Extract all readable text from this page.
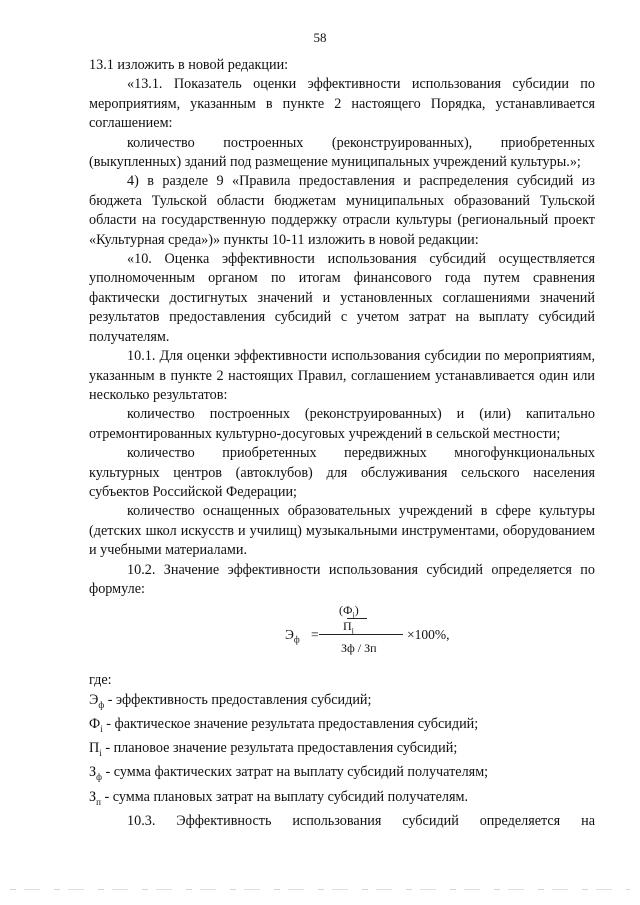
58

13.1 изложить в новой редакции:

«13.1. Показатель оценки эффективности использования субсидии по мероприятиям, указанным в пункте 2 настоящего Порядка, устанавливается соглашением:

количество построенных (реконструированных), приобретенных (выкупленных) зданий под размещение муниципальных учреждений культуры.»;

4) в разделе 9 «Правила предоставления и распределения субсидий из бюджета Тульской области бюджетам муниципальных образований Тульской области на государственную поддержку отрасли культуры (региональный проект «Культурная среда»)» пункты 10-11 изложить в новой редакции:

«10. Оценка эффективности использования субсидий осуществляется уполномоченным органом по итогам финансового года путем сравнения фактически достигнутых значений и установленных соглашениями значений результатов предоставления субсидий с учетом затрат на выплату субсидий получателям.

10.1. Для оценки эффективности использования субсидии по мероприятиям, указанным в пункте 2 настоящих Правил, соглашением устанавливается один или несколько результатов:

количество построенных (реконструированных) и (или) капитально отремонтированных культурно-досуговых учреждений в сельской местности;

количество приобретенных передвижных многофункциональных культурных центров (автоклубов) для обслуживания сельского населения субъектов Российской Федерации;

количество оснащенных образовательных учреждений в сфере культуры (детских школ искусств и училищ) музыкальными инструментами, оборудованием и учебными материалами.

10.2. Значение эффективности использования субсидий определяется по формуле:

$Э_ф$ =
$(Ф_i)$
$П_i$
Зф / Зп
×100%,

где:

$Э_ф$ - эффективность предоставления субсидий;

$Ф_i$ - фактическое значение результата предоставления субсидий;

$П_i$ - плановое значение результата предоставления субсидий;

$З_ф$ - сумма фактических затрат на выплату субсидий получателям;

$З_п$ - сумма плановых затрат на выплату субсидий получателям.

10.3. Эффективность использования субсидий определяется на
